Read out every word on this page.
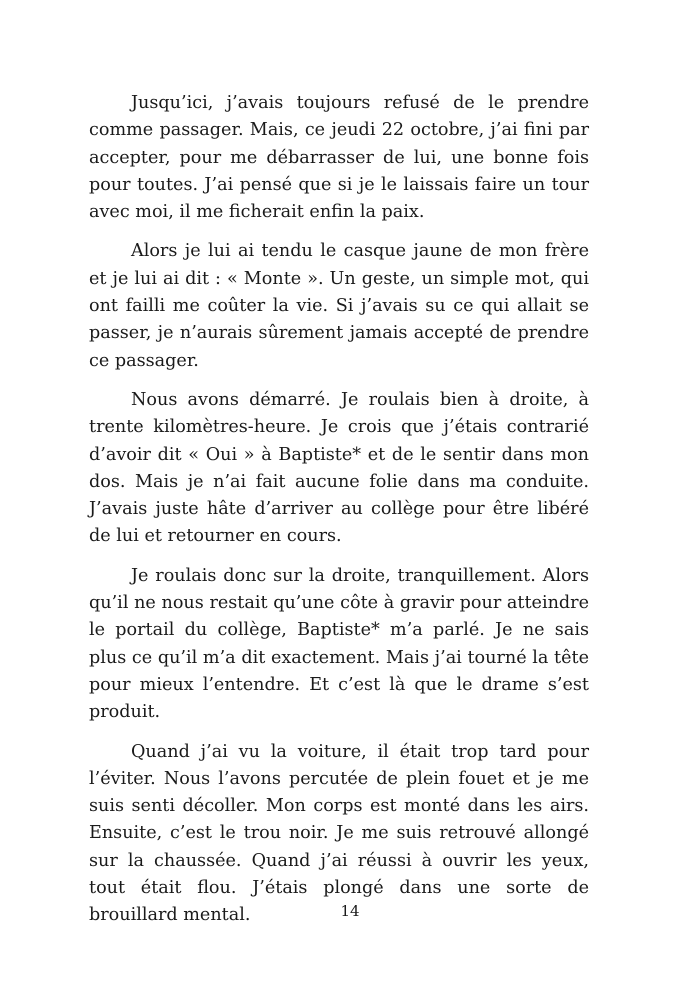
Jusqu’ici, j’avais toujours refusé de le prendre comme passager. Mais, ce jeudi 22 octobre, j’ai fini par accepter, pour me débarrasser de lui, une bonne fois pour toutes. J’ai pensé que si je le laissais faire un tour avec moi, il me ficherait enfin la paix.

Alors je lui ai tendu le casque jaune de mon frère et je lui ai dit : « Monte ». Un geste, un simple mot, qui ont failli me coûter la vie. Si j’avais su ce qui allait se passer, je n’aurais sûrement jamais accepté de prendre ce passager.

Nous avons démarré. Je roulais bien à droite, à trente kilomètres-heure. Je crois que j’étais contrarié d’avoir dit « Oui » à Baptiste* et de le sentir dans mon dos. Mais je n’ai fait aucune folie dans ma conduite. J’avais juste hâte d’arriver au collège pour être libéré de lui et retourner en cours.

Je roulais donc sur la droite, tranquillement. Alors qu’il ne nous restait qu’une côte à gravir pour atteindre le portail du collège, Baptiste* m’a parlé. Je ne sais plus ce qu’il m’a dit exactement. Mais j’ai tourné la tête pour mieux l’entendre. Et c’est là que le drame s’est produit.

Quand j’ai vu la voiture, il était trop tard pour l’éviter. Nous l’avons percutée de plein fouet et je me suis senti décoller. Mon corps est monté dans les airs. Ensuite, c’est le trou noir. Je me suis retrouvé allongé sur la chaussée. Quand j’ai réussi à ouvrir les yeux, tout était flou. J’étais plongé dans une sorte de brouillard mental.	14
